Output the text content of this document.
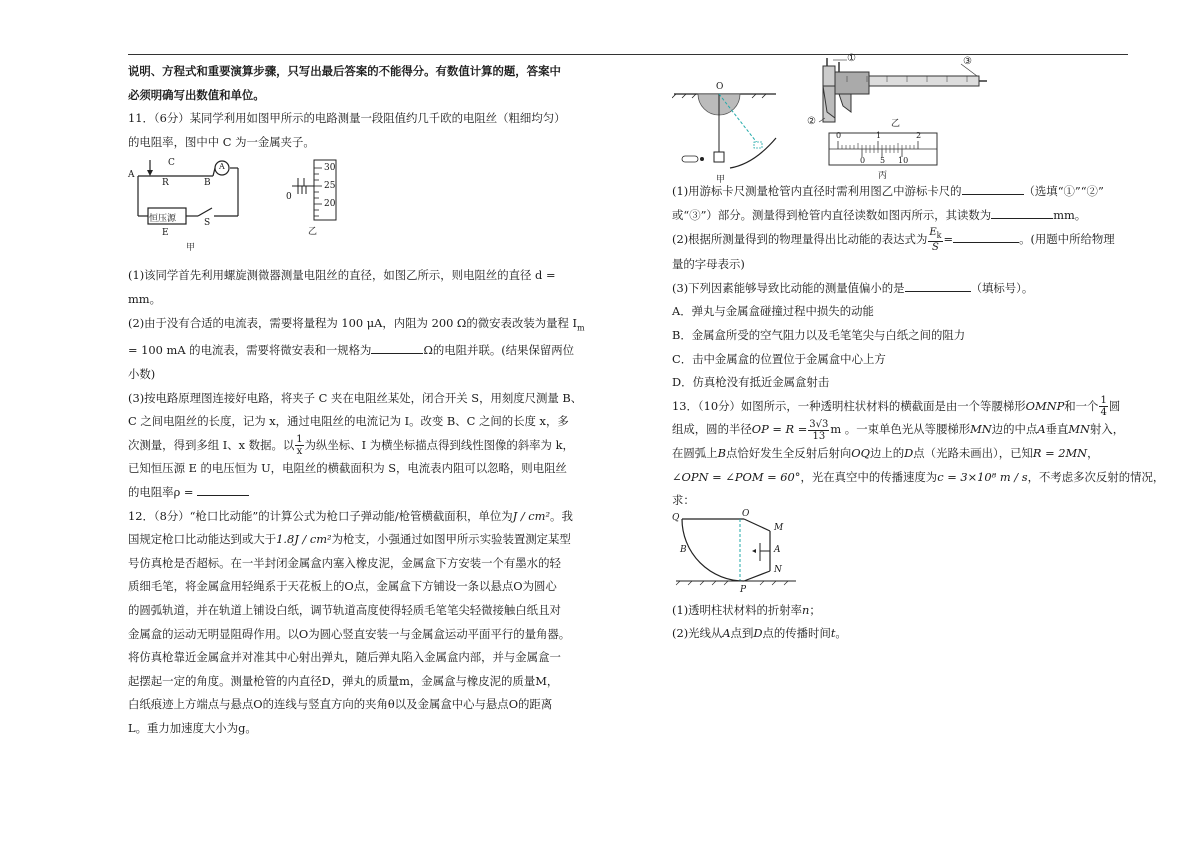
说明、方程式和重要演算步骤，只写出最后答案的不能得分。有数值计算的题，答案中
必须明确写出数值和单位。
11．（6分）某同学利用如图甲所示的电路测量一段阻值约几千欧的电阻丝（粗细均匀）
的电阻率，图中中 C 为一金属夹子。
A
B
C
R
A
恒压源
E
S
甲
30
25
20
0
乙
(1)该同学首先利用螺旋测微器测量电阻丝的直径，如图乙所示，则电阻丝的直径 d =
mm。
(2)由于没有合适的电流表，需要将量程为 100 μA，内阻为 200 Ω的微安表改装为量程 $I_m$
= 100 mA 的电流表，需要将微安表和一规格为	Ω的电阻并联。(结果保留两位
小数)
(3)按电路原理图连接好电路，将夹子 C 夹在电阻丝某处，闭合开关 S，用刻度尺测量 B、
C 之间电阻丝的长度，记为 x，通过电阻丝的电流记为 I。改变 B、C 之间的长度 x，多
次测量，得到多组 I、x 数据。以 $\frac{1}{x}$ 为纵坐标、I 为横坐标描点得到线性图像的斜率为 k，
已知恒压源 E 的电压恒为 U，电阻丝的横截面积为 S，电流表内阻可以忽略，则电阻丝
的电阻率ρ =
12．（8分）“枪口比动能”的计算公式为枪口子弹动能/枪管横截面积，单位为J / cm²。我
国规定枪口比动能达到或大于1.8J / cm²为枪支，小强通过如图甲所示实验装置测定某型
号仿真枪是否超标。在一半封闭金属盒内塞入橡皮泥，金属盒下方安装一个有墨水的轻
质细毛笔，将金属盒用轻绳系于天花板上的O点，金属盒下方铺设一条以悬点O为圆心
的圆弧轨道，并在轨道上铺设白纸，调节轨道高度使得轻质毛笔笔尖轻微接触白纸且对
金属盒的运动无明显阻碍作用。以O为圆心竖直安装一与金属盒运动平面平行的量角器。
将仿真枪靠近金属盒并对准其中心射出弹丸，随后弹丸陷入金属盒内部，并与金属盒一
起摆起一定的角度。测量枪管的内直径D，弹丸的质量m，金属盒与橡皮泥的质量M，
白纸痕迹上方端点与悬点O的连线与竖直方向的夹角θ以及金属盒中心与悬点O的距离
L。重力加速度大小为g。
O
甲
①
②
③
乙
0	1	2
0 5 10
丙
(1)用游标卡尺测量枪管内直径时需利用图乙中游标卡尺的	（选填“①”“②”
或“③”）部分。测量得到枪管内直径读数如图丙所示，其读数为	mm。
(2)根据所测量得到的物理量得出比动能的表达式为 $\frac{E_k}{S}$ =	。(用题中所给物理
量的字母表示)
(3)下列因素能够导致比动能的测量值偏小的是	（填标号）。
A．弹丸与金属盒碰撞过程中损失的动能
B．金属盒所受的空气阻力以及毛笔笔尖与白纸之间的阻力
C．击中金属盒的位置位于金属盒中心上方
D．仿真枪没有抵近金属盒射击
13．（10分）如图所示，一种透明柱状材料的横截面是由一个等腰梯形OMNP和一个 $\frac{1}{4}$ 圆
组成，圆的半径OP = $R = \frac{3√3}{13}$ m 。一束单色光从等腰梯形MN边的中点A垂直MN射入，
在圆弧上B点恰好发生全反射后射向OQ边上的D点（光路未画出），已知R = 2MN，
∠OPN = ∠POM = 60°，光在真空中的传播速度为c = 3×10⁸ m / s，不考虑多次反射的情况，
求：
Q	O
M
A
N
B
P
(1)透明柱状材料的折射率n；
(2)光线从A点到D点的传播时间t。
